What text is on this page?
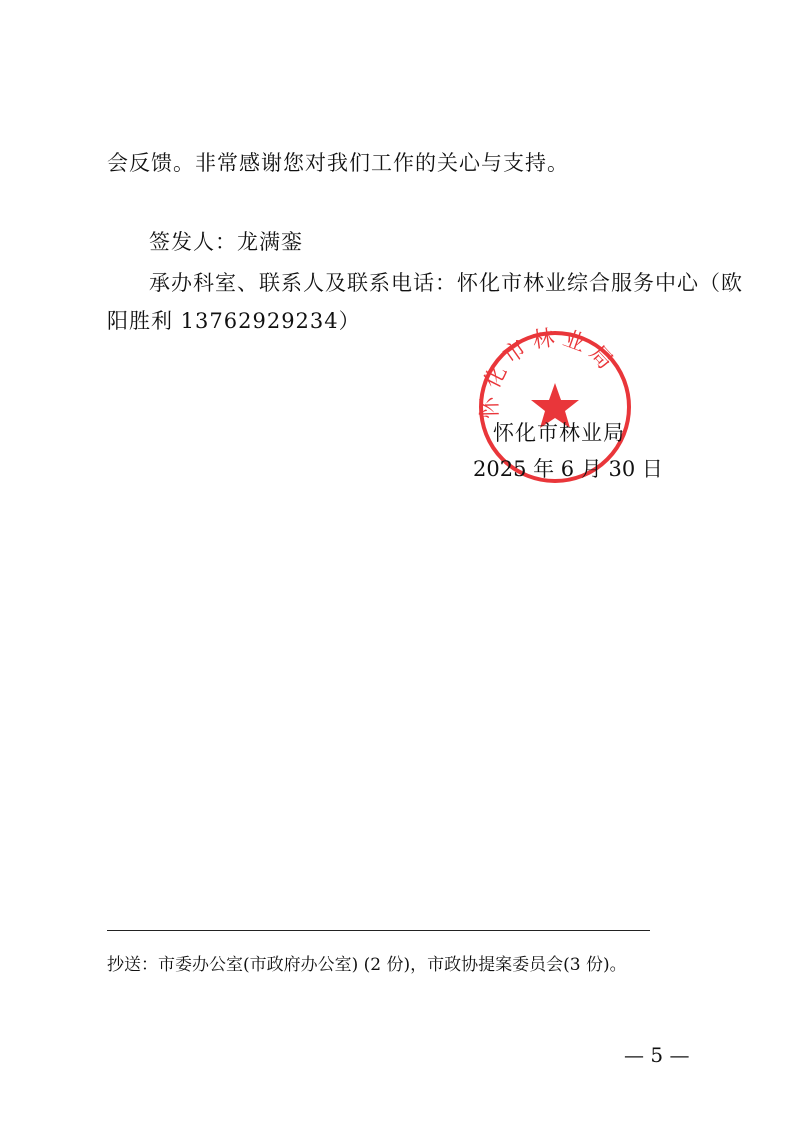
会反馈。非常感谢您对我们工作的关心与支持。
签发人：龙满銮
承办科室、联系人及联系电话：怀化市林业综合服务中心（欧
阳胜利 13762929234）
怀化市林业局
怀化市林业局
2025 年 6 月 30 日
抄送：市委办公室(市政府办公室) (2 份)，市政协提案委员会(3 份)。
— 5 —
